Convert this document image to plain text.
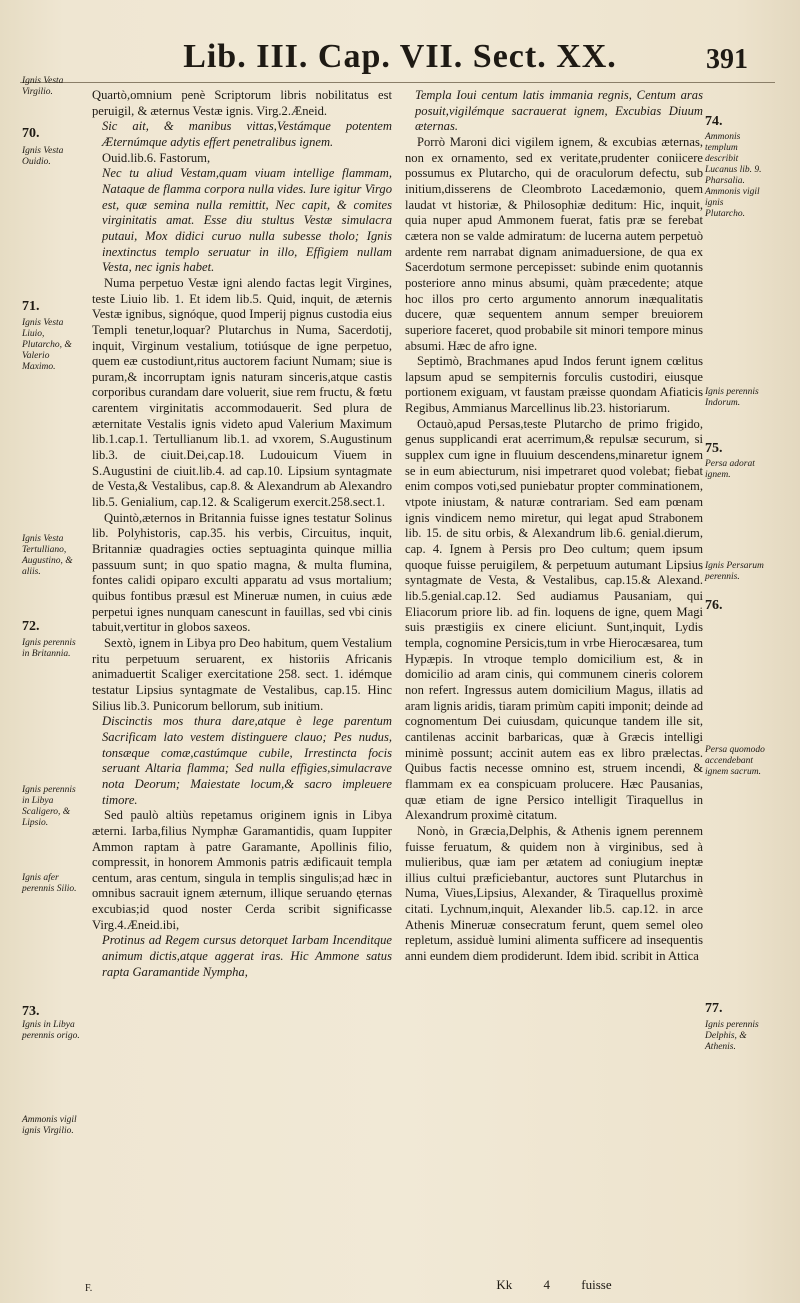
Lib. III. Cap. VII. Sect. XX.	391
Ignis Vesta Virgilio.
70.
Ignis Vesta Ouidio.
71.
Ignis Vesta Liuio, Plutarcho, & Valerio Maximo.
Ignis Vesta Tertulliano, Augustino, & aliis.
72.
Ignis perennis in Britannia.
Ignis perennis in Libya Scaligero, & Lipsio.
Ignis afer perennis Silio.
73.
Ignis in Libya perennis origo.
Ammonis vigil ignis Virgilio.
74.
Ammonis templum describit Lucanus lib. 9. Pharsalia.
Ammonis vigil ignis Plutarcho.
Ignis perennis Indorum.
75.
Persa adorat ignem.
Ignis Persarum perennis.
76.
Persa quomodo accendebant ignem sacrum.
77.
Ignis perennis Delphis, & Athenis.

Quartò,omnium penè Scriptorum libris nobilitatus est peruigil, & æternus Vestæ ignis. Virg.2.Æneid.

Sic ait, & manibus vittas,Vestámque potentem Æternúmque adytis effert penetralibus ignem.

Ouid.lib.6. Fastorum,

Nec tu aliud Vestam,quam viuam intellige flammam, Nataque de flamma corpora nulla vides. Iure igitur Virgo est, quæ semina nulla remittit, Nec capit, & comites virginitatis amat. Esse diu stultus Vestæ simulacra putaui, Mox didici curuo nulla subesse tholo; Ignis inextinctus templo seruatur in illo, Effigiem nullam Vesta, nec ignis habet.

Numa perpetuo Vestæ igni alendo factas legit Virgines, teste Liuio lib. 1. Et idem lib.5. Quid, inquit, de æternis Vestæ ignibus, signóque, quod Imperij pignus custodia eius Templi tenetur,loquar? Plutarchus in Numa, Sacerdotij, inquit, Virginum vestalium, totiúsque de igne perpetuo, quem eæ custodiunt,ritus auctorem faciunt Numam; siue is puram,& incorruptam ignis naturam sinceris,atque castis corporibus curandam dare voluerit, siue rem fructu, & fœtu carentem virginitatis accommodauerit. Sed plura de æternitate Vestalis ignis videto apud Valerium Maximum lib.1.cap.1. Tertullianum lib.1. ad vxorem, S.Augustinum lib.3. de ciuit.Dei,cap.18. Ludouicum Viuem in S.Augustini de ciuit.lib.4. ad cap.10. Lipsium syntagmate de Vesta,& Vestalibus, cap.8. & Alexandrum ab Alexandro lib.5. Genialium, cap.12. & Scaligerum exercit.258.sect.1.

Quintò,æternos in Britannia fuisse ignes testatur Solinus lib. Polyhistoris, cap.35. his verbis, Circuitus, inquit, Britanniæ quadragies octies septuaginta quinque millia passuum sunt; in quo spatio magna, & multa flumina, fontes calidi opiparo exculti apparatu ad vsus mortalium; quibus fontibus præsul est Mineruæ numen, in cuius æde perpetui ignes nunquam canescunt in fauillas, sed vbi cinis tabuit,vertitur in globos saxeos.

Sextò, ignem in Libya pro Deo habitum, quem Vestalium ritu perpetuum seruarent, ex historiis Africanis animaduertit Scaliger exercitatione 258. sect. 1. idémque testatur Lipsius syntagmate de Vestalibus, cap.15. Hinc Silius lib.3. Punicorum bellorum, sub initium.

Discinctis mos thura dare,atque è lege parentum Sacrificam lato vestem distinguere clauo; Pes nudus, tonsæque comæ,castúmque cubile, Irrestincta focis seruant Altaria flamma; Sed nulla effigies,simulacrave nota Deorum; Maiestate locum,& sacro impleuere timore.

Sed paulò altiùs repetamus originem ignis in Libya æterni. Iarba,filius Nymphæ Garamantidis, quam Iuppiter Ammon raptam à patre Garamante, Apollinis filio, compressit, in honorem Ammonis patris ædificauit templa centum, aras centum, singula in templis singulis;ad hæc in omnibus sacrauit ignem æternum, illique seruando ęternas excubias;id quod noster Cerda scribit significasse Virg.4.Æneid.ibi,

Protinus ad Regem cursus detorquet Iarbam Incenditque animum dictis,atque aggerat iras. Hic Ammone satus rapta Garamantide Nympha,

Templa Ioui centum latis immania regnis, Centum aras posuit,vigilémque sacrauerat ignem, Excubias Diuum æternas.

Porrò Maroni dici vigilem ignem, & excubias æternas, non ex ornamento, sed ex veritate,prudenter coniicere possumus ex Plutarcho, qui de oraculorum defectu, sub initium,disserens de Cleombroto Lacedæmonio, quem laudat vt historiæ, & Philosophiæ deditum: Hic, inquit, quia nuper apud Ammonem fuerat, fatis præ se ferebat cætera non se valde admiratum: de lucerna autem perpetuò ardente rem narrabat dignam animaduersione, de qua ex Sacerdotum sermone percepisset: subinde enim quotannis posteriore anno minus absumi, quàm præcedente; atque hoc illos pro certo argumento annorum inæqualitatis ducere, quæ sequentem annum semper breuiorem superiore faceret, quod probabile sit minori tempore minus absumi. Hæc de afro igne.

Septimò, Brachmanes apud Indos ferunt ignem cœlitus lapsum apud se sempiternis forculis custodiri, eiusque portionem exiguam, vt faustam præisse quondam Afiaticis Regibus, Ammianus Marcellinus lib.23. historiarum.

Octauò,apud Persas,teste Plutarcho de primo frigido, genus supplicandi erat acerrimum,& repulsæ securum, si supplex cum igne in fluuium descendens,minaretur ignem se in eum abiecturum, nisi impetraret quod volebat; fiebat enim compos voti,sed puniebatur propter comminationem, vtpote iniustam, & naturæ contrariam. Sed eam pœnam ignis vindicem nemo miretur, qui legat apud Strabonem lib. 15. de situ orbis, & Alexandrum lib.6. genial.dierum, cap. 4. Ignem à Persis pro Deo cultum; quem ipsum quoque fuisse peruigilem, & perpetuum autumant Lipsius syntagmate de Vesta, & Vestalibus, cap.15.& Alexand. lib.5.genial.cap.12. Sed audiamus Pausaniam, qui Eliacorum priore lib. ad fin. loquens de igne, quem Magi suis præstigiis ex cinere eliciunt. Sunt,inquit, Lydis templa, cognomine Persicis,tum in vrbe Hierocæsarea, tum Hypæpis. In vtroque templo domicilium est, & in domicilio ad aram cinis, qui communem cineris colorem non refert. Ingressus autem domicilium Magus, illatis ad aram lignis aridis, tiaram primùm capiti imponit; deinde ad cognomentum Dei cuiusdam, quicunque tandem ille sit, cantilenas accinit barbaricas, quæ à Græcis intelligi minimè possunt; accinit autem eas ex libro prælectas. Quibus factis necesse omnino est, struem incendi, & flammam ex ea conspicuam prolucere. Hæc Pausanias, quæ etiam de igne Persico intelligit Tiraquellus in Alexandrum proximè citatum.

Nonò, in Græcia,Delphis, & Athenis ignem perennem fuisse feruatum, & quidem non à virginibus, sed à mulieribus, quæ iam per ætatem ad coniugium ineptæ illius cultui præficiebantur, auctores sunt Plutarchus in Numa, Viues,Lipsius, Alexander, & Tiraquellus proximè citati. Lychnum,inquit, Alexander lib.5. cap.12. in arce Athenis Mineruæ consecratum ferunt, quem semel oleo repletum, assiduè lumini alimenta sufficere ad insequentis anni eundem diem prodiderunt. Idem ibid. scribit in Attica

Kk 4 fuisse
F.
